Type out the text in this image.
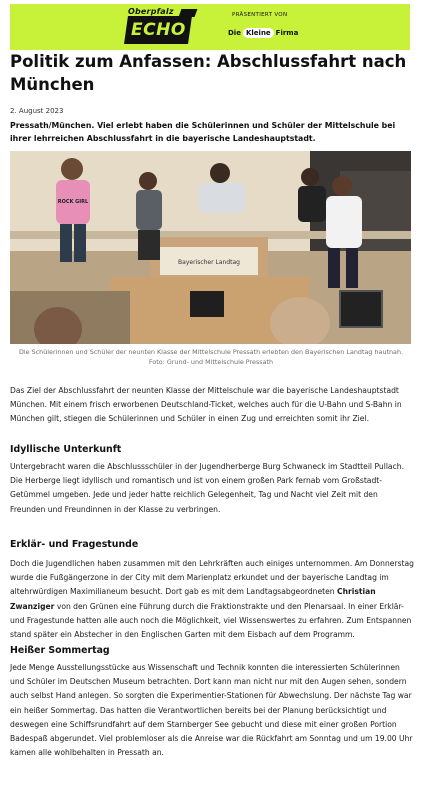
Oberpfalz
ECHO
PRÄSENTIERT VON
Die Kleine Firma
Politik zum Anfassen: Abschlussfahrt nach München
2. August 2023

Pressath/München. Viel erlebt haben die Schülerinnen und Schüler der Mittelschule bei ihrer lehrreichen Abschlussfahrt in die bayerische Landeshauptstadt.

Bayerischer Landtag
ROCK GIRL

Die Schülerinnen und Schüler der neunten Klasse der Mittelschule Pressath erlebten den Bayerischen Landtag hautnah. Foto: Grund- und Mittelschule Pressath

Das Ziel der Abschlussfahrt der neunten Klasse der Mittelschule war die bayerische Landeshauptstadt München. Mit einem frisch erworbenen Deutschland-Ticket, welches auch für die U-Bahn und S-Bahn in München gilt, stiegen die Schülerinnen und Schüler in einen Zug und erreichten somit ihr Ziel.

Idyllische Unterkunft

Untergebracht waren die Abschlussschüler in der Jugendherberge Burg Schwaneck im Stadtteil Pullach. Die Herberge liegt idyllisch und romantisch und ist von einem großen Park fernab vom Großstadt-Getümmel umgeben. Jede und jeder hatte reichlich Gelegenheit, Tag und Nacht viel Zeit mit den Freunden und Freundinnen in der Klasse zu verbringen.

Erklär- und Fragestunde

Doch die Jugendlichen haben zusammen mit den Lehrkräften auch einiges unternommen. Am Donnerstag wurde die Fußgängerzone in der City mit dem Marienplatz erkundet und der bayerische Landtag im altehrwürdigen Maximilianeum besucht. Dort gab es mit dem Landtagsabgeordneten Christian Zwanziger von den Grünen eine Führung durch die Fraktionstrakte und den Plenarsaal. In einer Erklär- und Fragestunde hatten alle auch noch die Möglichkeit, viel Wissenswertes zu erfahren. Zum Entspannen stand später ein Abstecher in den Englischen Garten mit dem Eisbach auf dem Programm.

Heißer Sommertag

Jede Menge Ausstellungsstücke aus Wissenschaft und Technik konnten die interessierten Schülerinnen und Schüler im Deutschen Museum betrachten. Dort kann man nicht nur mit den Augen sehen, sondern auch selbst Hand anlegen. So sorgten die Experimentier-Stationen für Abwechslung. Der nächste Tag war ein heißer Sommertag. Das hatten die Verantwortlichen bereits bei der Planung berücksichtigt und deswegen eine Schiffsrundfahrt auf dem Starnberger See gebucht und diese mit einer großen Portion Badespaß abgerundet. Viel problemloser als die Anreise war die Rückfahrt am Sonntag und um 19.00 Uhr kamen alle wohlbehalten in Pressath an.
